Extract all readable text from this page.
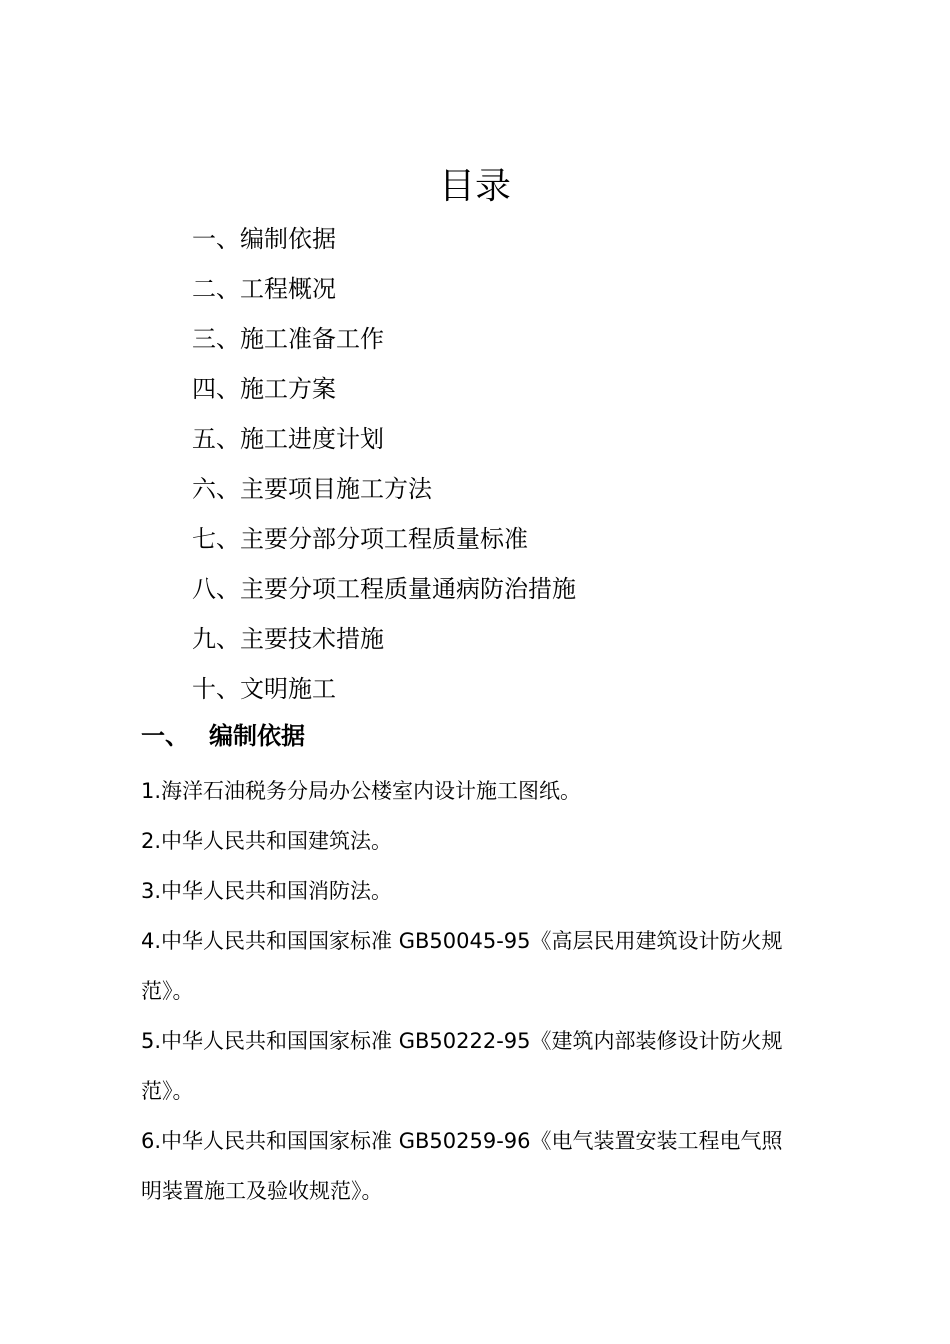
目录
一、编制依据
二、工程概况
三、施工准备工作
四、施工方案
五、施工进度计划
六、主要项目施工方法
七、主要分部分项工程质量标准
八、主要分项工程质量通病防治措施
九、主要技术措施
十、文明施工
一、 编制依据
1.海洋石油税务分局办公楼室内设计施工图纸。
2.中华人民共和国建筑法。
3.中华人民共和国消防法。
4.中华人民共和国国家标准 GB50045-95《高层民用建筑设计防火规
范》。
5.中华人民共和国国家标准 GB50222-95《建筑内部装修设计防火规
范》。
6.中华人民共和国国家标准 GB50259-96《电气装置安装工程电气照
明装置施工及验收规范》。
